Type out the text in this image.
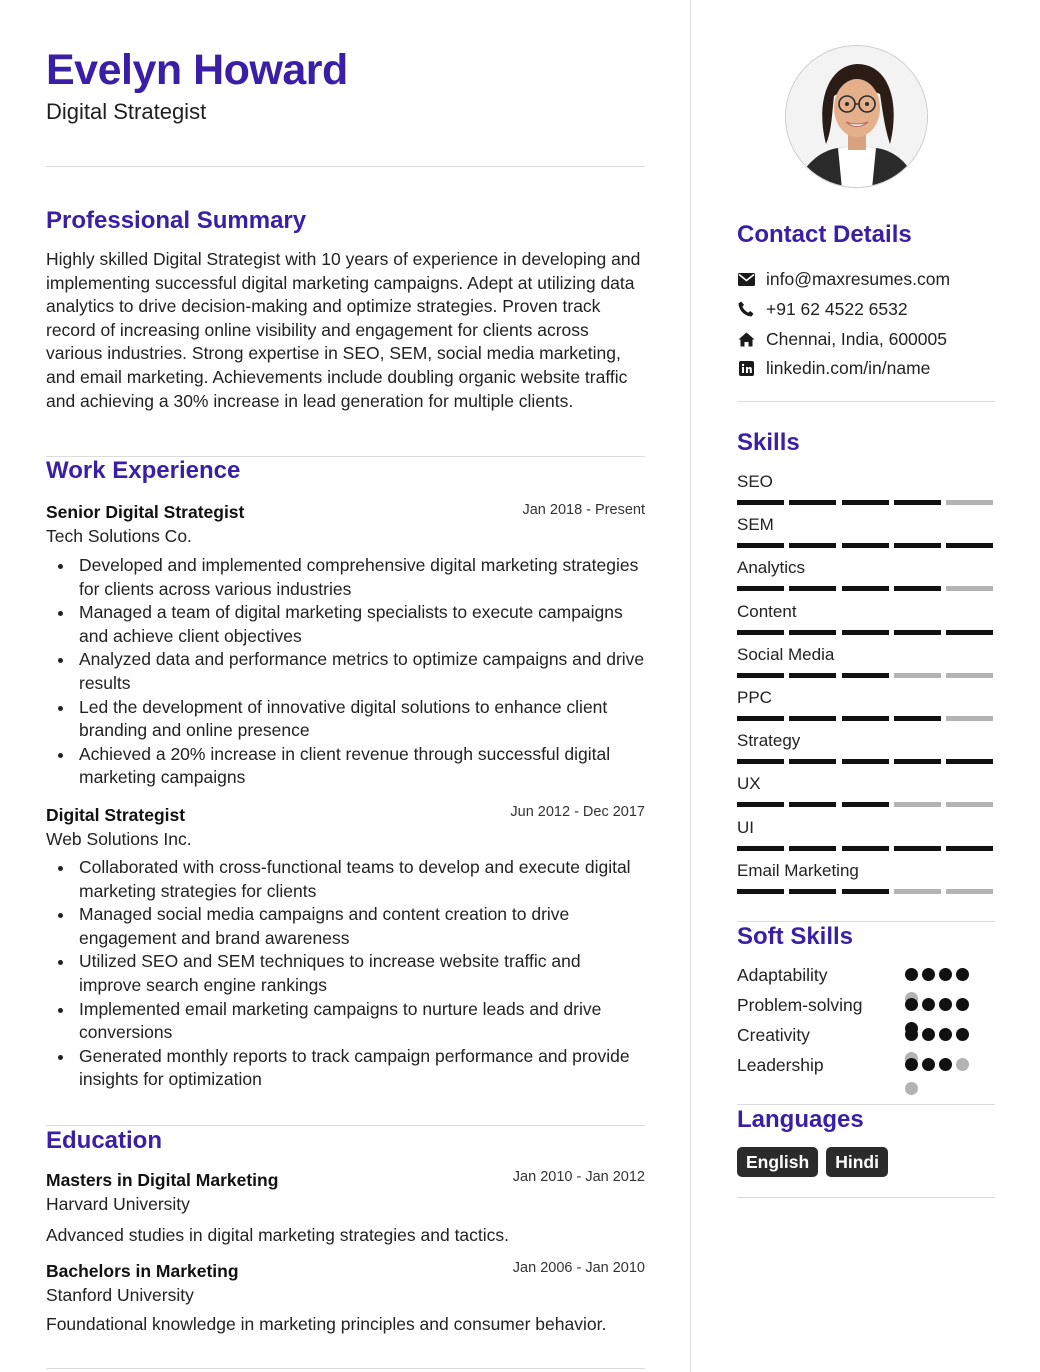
Evelyn Howard
Digital Strategist
Professional Summary
Highly skilled Digital Strategist with 10 years of experience in developing and implementing successful digital marketing campaigns. Adept at utilizing data analytics to drive decision-making and optimize strategies. Proven track record of increasing online visibility and engagement for clients across various industries. Strong expertise in SEO, SEM, social media marketing, and email marketing. Achievements include doubling organic website traffic and achieving a 30% increase in lead generation for multiple clients.
Work Experience
Senior Digital Strategist	Jan 2018 - Present
Tech Solutions Co.
Developed and implemented comprehensive digital marketing strategies for clients across various industries
Managed a team of digital marketing specialists to execute campaigns and achieve client objectives
Analyzed data and performance metrics to optimize campaigns and drive results
Led the development of innovative digital solutions to enhance client branding and online presence
Achieved a 20% increase in client revenue through successful digital marketing campaigns
Digital Strategist	Jun 2012 - Dec 2017
Web Solutions Inc.
Collaborated with cross-functional teams to develop and execute digital marketing strategies for clients
Managed social media campaigns and content creation to drive engagement and brand awareness
Utilized SEO and SEM techniques to increase website traffic and improve search engine rankings
Implemented email marketing campaigns to nurture leads and drive conversions
Generated monthly reports to track campaign performance and provide insights for optimization
Education
Masters in Digital Marketing	Jan 2010 - Jan 2012
Harvard University
Advanced studies in digital marketing strategies and tactics.
Bachelors in Marketing	Jan 2006 - Jan 2010
Stanford University
Foundational knowledge in marketing principles and consumer behavior.
Contact Details
info@maxresumes.com
+91 62 4522 6532
Chennai, India, 600005
linkedin.com/in/name
Skills
SEO
SEM
Analytics
Content
Social Media
PPC
Strategy
UX
UI
Email Marketing
Soft Skills
Adaptability
Problem-solving
Creativity
Leadership
Languages
English	Hindi
